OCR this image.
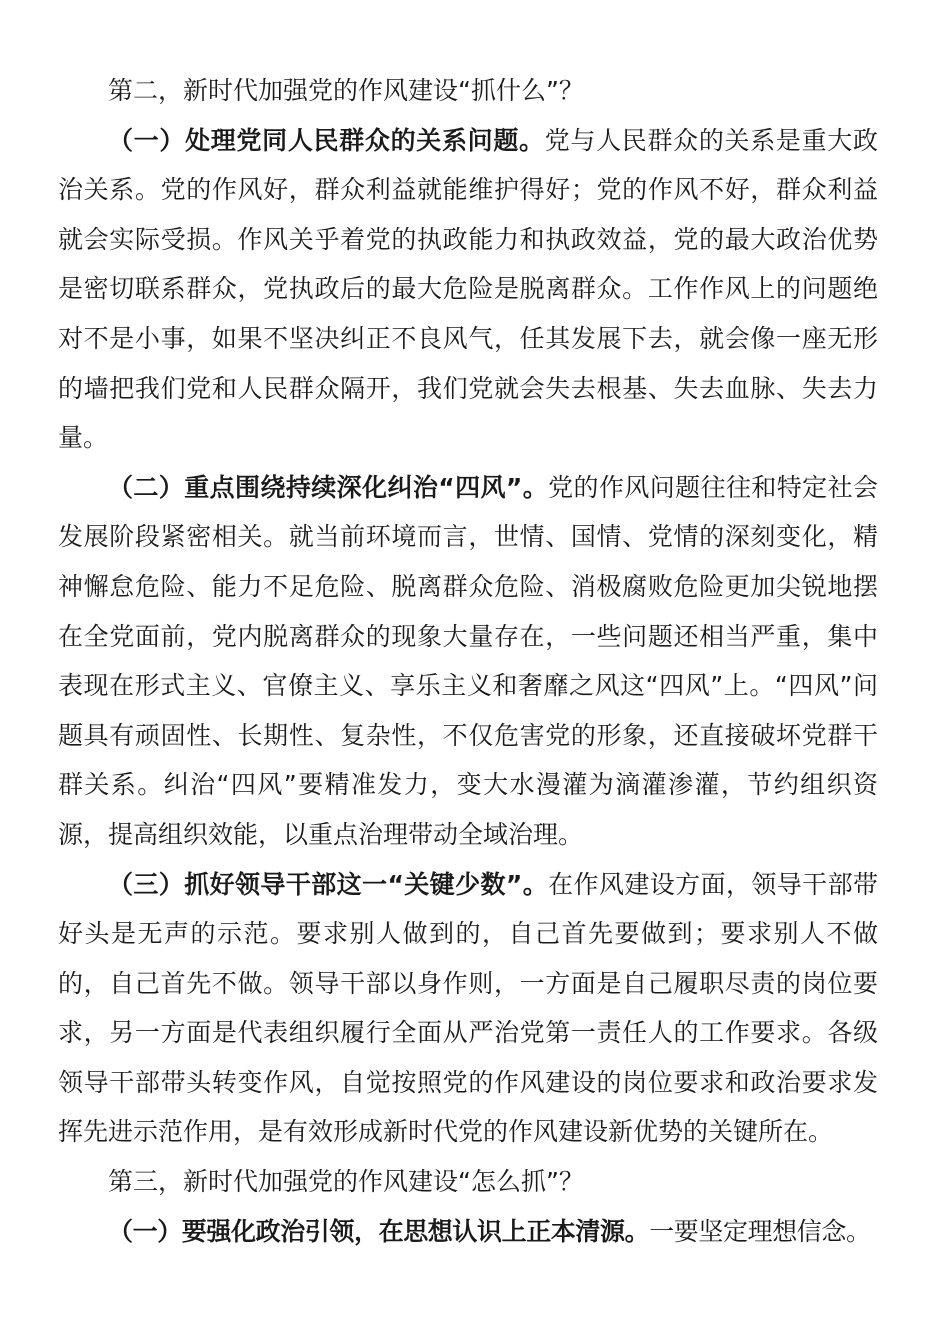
第二，新时代加强党的作风建设“抓什么”？

（一）处理党同人民群众的关系问题。党与人民群众的关系是重大政治关系。党的作风好，群众利益就能维护得好；党的作风不好，群众利益就会实际受损。作风关乎着党的执政能力和执政效益，党的最大政治优势是密切联系群众，党执政后的最大危险是脱离群众。工作作风上的问题绝对不是小事，如果不坚决纠正不良风气，任其发展下去，就会像一座无形的墙把我们党和人民群众隔开，我们党就会失去根基、失去血脉、失去力量。

（二）重点围绕持续深化纠治“四风”。党的作风问题往往和特定社会发展阶段紧密相关。就当前环境而言，世情、国情、党情的深刻变化，精神懈怠危险、能力不足危险、脱离群众危险、消极腐败危险更加尖锐地摆在全党面前，党内脱离群众的现象大量存在，一些问题还相当严重，集中表现在形式主义、官僚主义、享乐主义和奢靡之风这“四风”上。“四风”问题具有顽固性、长期性、复杂性，不仅危害党的形象，还直接破坏党群干群关系。纠治“四风”要精准发力，变大水漫灌为滴灌渗灌，节约组织资源，提高组织效能，以重点治理带动全域治理。

（三）抓好领导干部这一“关键少数”。在作风建设方面，领导干部带好头是无声的示范。要求别人做到的，自己首先要做到；要求别人不做的，自己首先不做。领导干部以身作则，一方面是自己履职尽责的岗位要求，另一方面是代表组织履行全面从严治党第一责任人的工作要求。各级领导干部带头转变作风，自觉按照党的作风建设的岗位要求和政治要求发挥先进示范作用，是有效形成新时代党的作风建设新优势的关键所在。

第三，新时代加强党的作风建设“怎么抓”？

（一）要强化政治引领，在思想认识上正本清源。一要坚定理想信念。
